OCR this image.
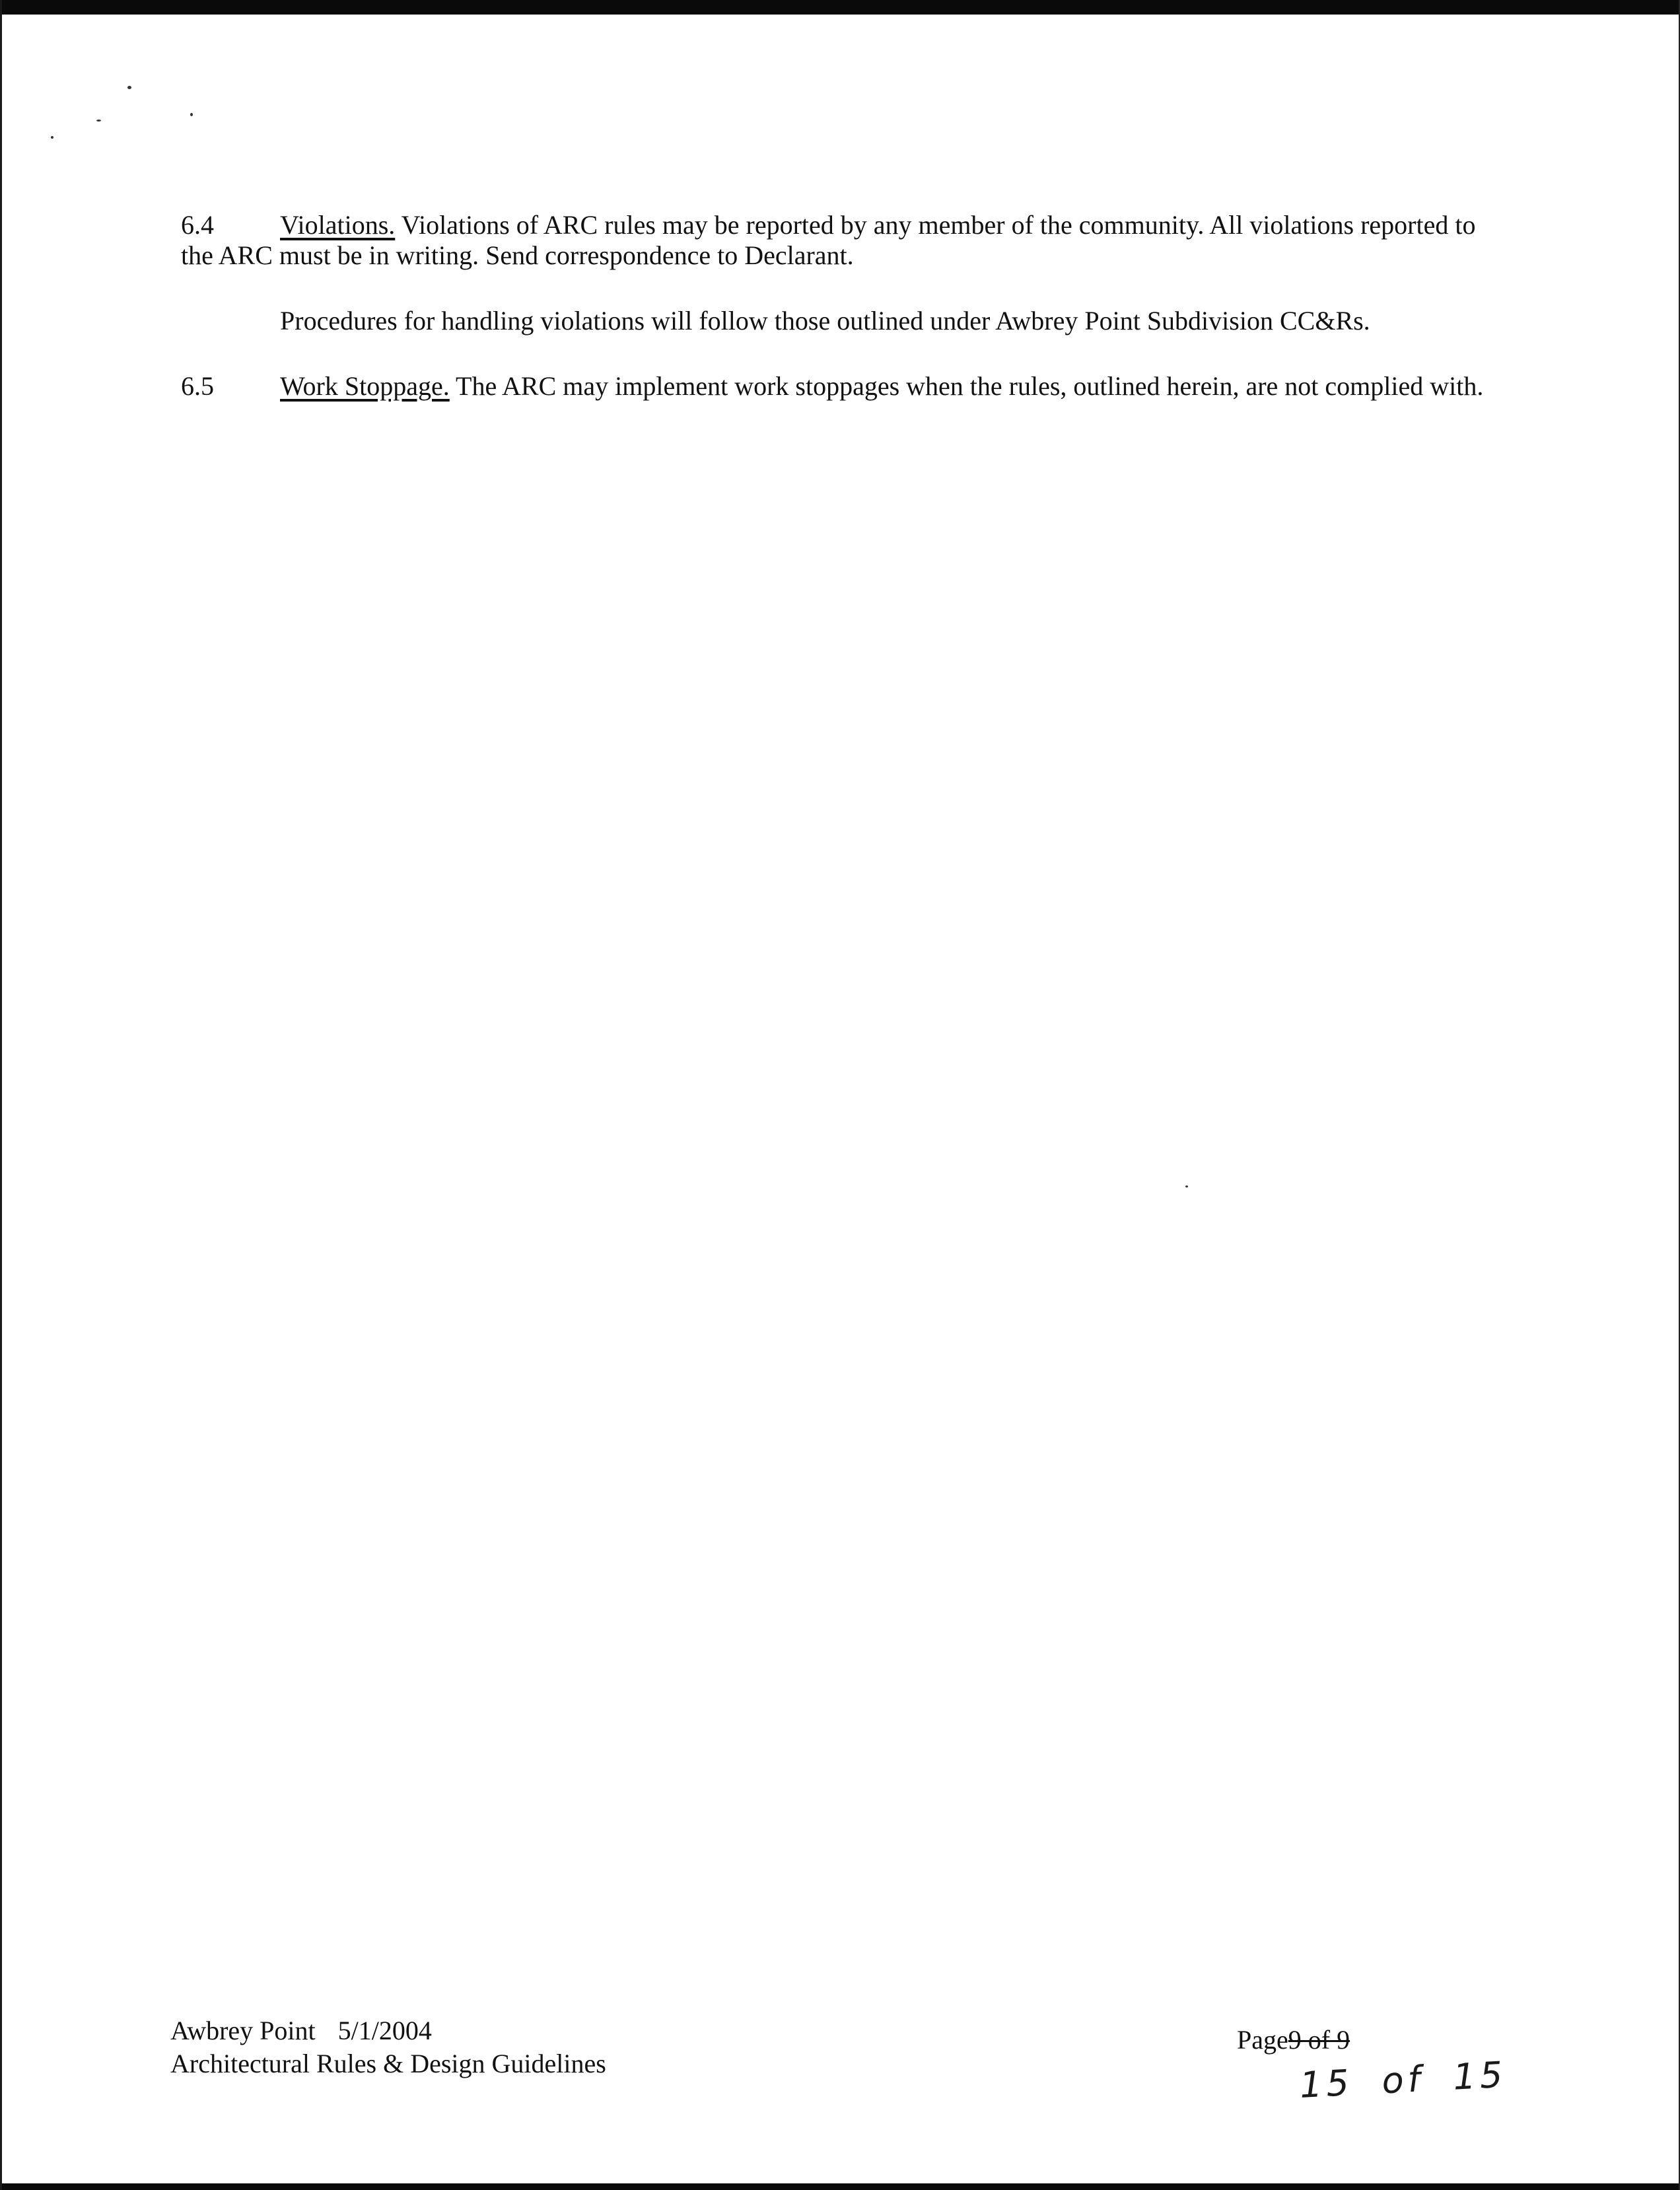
6.4	Violations. Violations of ARC rules may be reported by any member of the community. All violations reported to the ARC must be in writing. Send correspondence to Declarant.
Procedures for handling violations will follow those outlined under Awbrey Point Subdivision CC&Rs.
6.5	Work Stoppage. The ARC may implement work stoppages when the rules, outlined herein, are not complied with.
Awbrey Point 5/1/2004
Architectural Rules & Design Guidelines
Page9 of 9
15 of 15
